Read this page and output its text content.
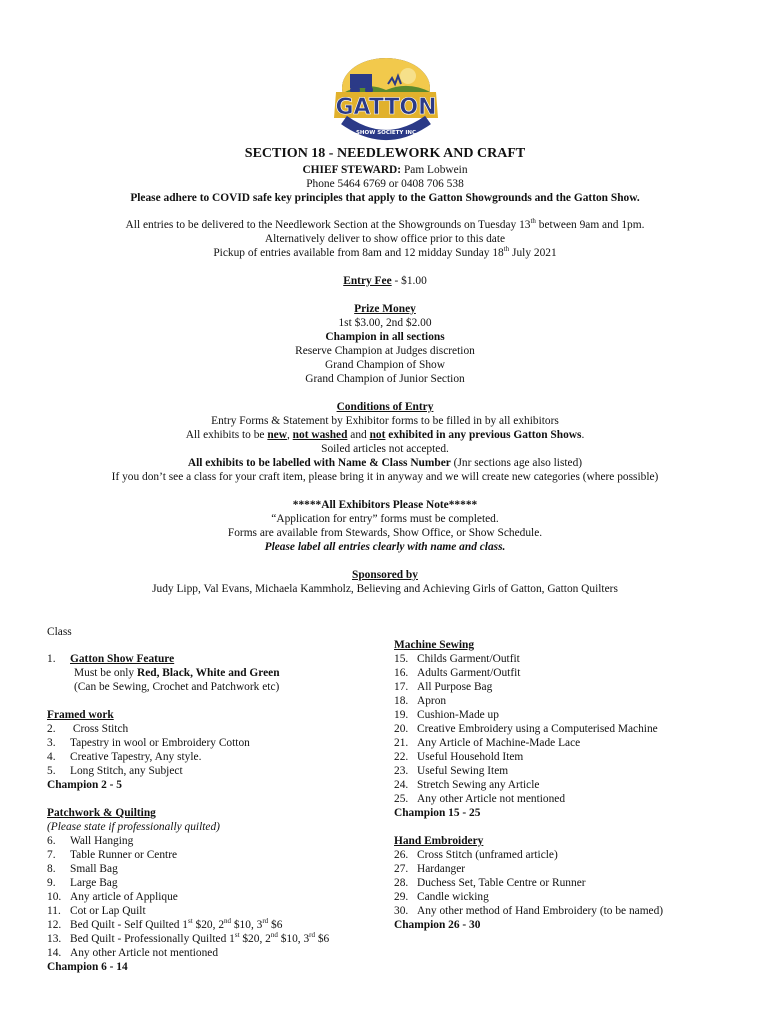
GATTON
SHOW SOCIETY INC
SECTION 18 - NEEDLEWORK AND CRAFT
CHIEF STEWARD: Pam Lobwein
Phone 5464 6769 or 0408 706 538
Please adhere to COVID safe key principles that apply to the Gatton Showgrounds and the Gatton Show.
All entries to be delivered to the Needlework Section at the Showgrounds on Tuesday 13th between 9am and 1pm.
Alternatively deliver to show office prior to this date
Pickup of entries available from 8am and 12 midday Sunday 18th July 2021
Entry Fee - $1.00
Prize Money
1st $3.00, 2nd $2.00
Champion in all sections
Reserve Champion at Judges discretion
Grand Champion of Show
Grand Champion of Junior Section
Conditions of Entry
Entry Forms & Statement by Exhibitor forms to be filled in by all exhibitors
All exhibits to be new, not washed and not exhibited in any previous Gatton Shows.
Soiled articles not accepted.
All exhibits to be labelled with Name & Class Number (Jnr sections age also listed)
If you don’t see a class for your craft item, please bring it in anyway and we will create new categories (where possible)
*****All Exhibitors Please Note*****
“Application for entry” forms must be completed.
Forms are available from Stewards, Show Office, or Show Schedule.
Please label all entries clearly with name and class.
Sponsored by
Judy Lipp, Val Evans, Michaela Kammholz, Believing and Achieving Girls of Gatton, Gatton Quilters
Class
1. Gatton Show Feature
Must be only Red, Black, White and Green
(Can be Sewing, Crochet and Patchwork etc)
Framed work
2. Cross Stitch
3. Tapestry in wool or Embroidery Cotton
4. Creative Tapestry, Any style.
5. Long Stitch, any Subject
Champion 2 - 5
Patchwork & Quilting
(Please state if professionally quilted)
6. Wall Hanging
7. Table Runner or Centre
8. Small Bag
9. Large Bag
10. Any article of Applique
11. Cot or Lap Quilt
12. Bed Quilt - Self Quilted 1st $20, 2nd $10, 3rd $6
13. Bed Quilt - Professionally Quilted 1st $20, 2nd $10, 3rd $6
14. Any other Article not mentioned
Champion 6 - 14
Machine Sewing
15. Childs Garment/Outfit
16. Adults Garment/Outfit
17. All Purpose Bag
18. Apron
19. Cushion-Made up
20. Creative Embroidery using a Computerised Machine
21. Any Article of Machine-Made Lace
22. Useful Household Item
23. Useful Sewing Item
24. Stretch Sewing any Article
25. Any other Article not mentioned
Champion 15 - 25
Hand Embroidery
26. Cross Stitch (unframed article)
27. Hardanger
28. Duchess Set, Table Centre or Runner
29. Candle wicking
30. Any other method of Hand Embroidery (to be named)
Champion 26 - 30
